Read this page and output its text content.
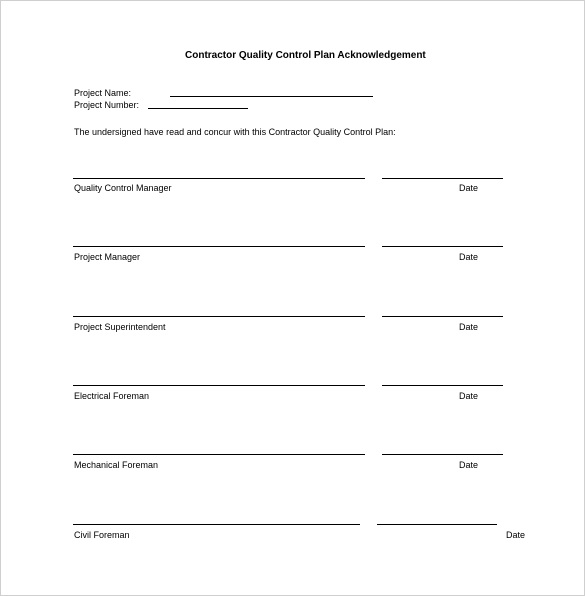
Contractor Quality Control Plan Acknowledgement
Project Name:
Project Number:
The undersigned have read and concur with this Contractor Quality Control Plan:
Quality Control Manager	Date
Project Manager	Date
Project Superintendent	Date
Electrical Foreman	Date
Mechanical Foreman	Date
Civil Foreman	Date
